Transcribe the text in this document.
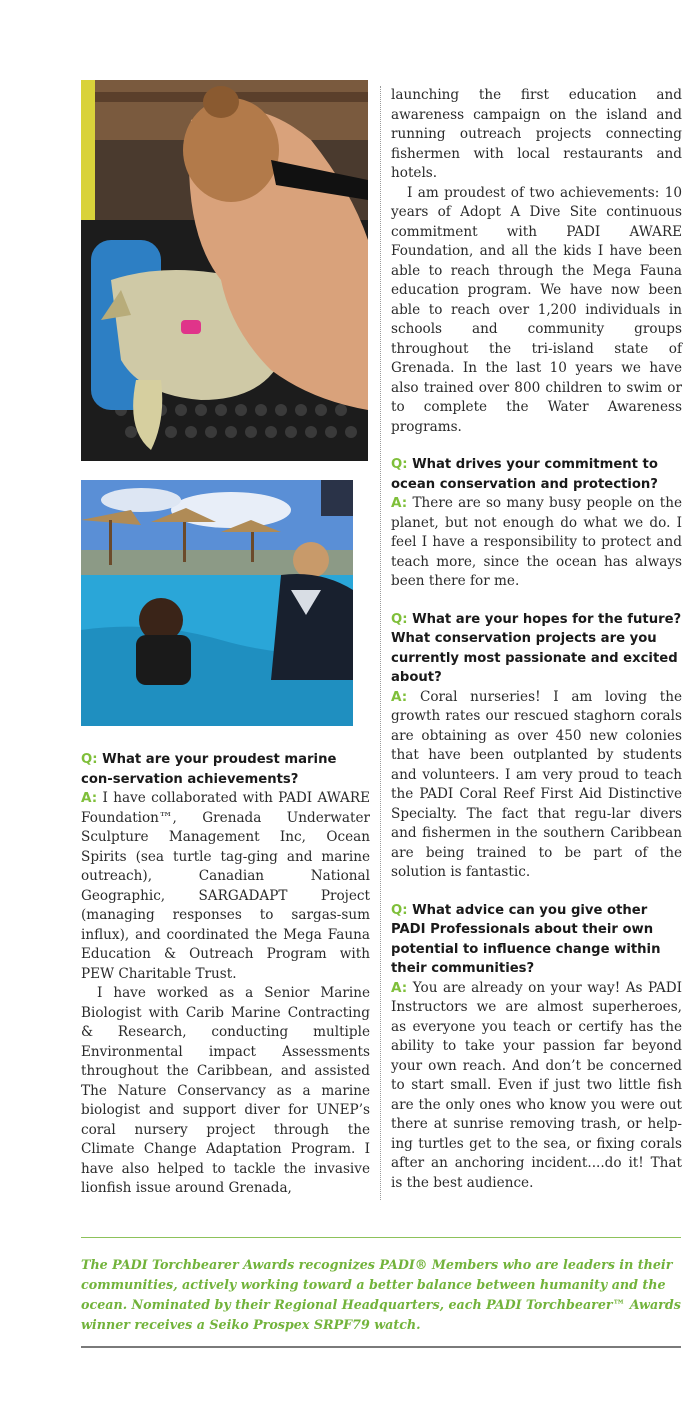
Q: What are your proudest marine con-servation achievements?

A: I have collaborated with PADI AWARE Foundation™, Grenada Underwater Sculpture Management Inc, Ocean Spirits (sea turtle tag-ging and marine outreach), Canadian National Geographic, SARGADAPT Project (managing responses to sargas-sum influx), and coordinated the Mega Fauna Education & Outreach Program with PEW Charitable Trust.

I have worked as a Senior Marine Biologist with Carib Marine Contracting & Research, conducting multiple Environmental impact Assessments throughout the Caribbean, and assisted The Nature Conservancy as a marine biologist and support diver for UNEP’s coral nursery project through the Climate Change Adaptation Program. I have also helped to tackle the invasive lionfish issue around Grenada,

launching the first education and awareness campaign on the island and running outreach projects connecting fishermen with local restaurants and hotels.

I am proudest of two achievements: 10 years of Adopt A Dive Site continuous commitment with PADI AWARE Foundation, and all the kids I have been able to reach through the Mega Fauna education program. We have now been able to reach over 1,200 individuals in schools and community groups throughout the tri-island state of Grenada. In the last 10 years we have also trained over 800 children to swim or to complete the Water Awareness programs.

Q: What drives your commitment to ocean conservation and protection?

A: There are so many busy people on the planet, but not enough do what we do. I feel I have a responsibility to protect and teach more, since the ocean has always been there for me.

Q: What are your hopes for the future? What conservation projects are you currently most passionate and excited about?

A: Coral nurseries! I am loving the growth rates our rescued staghorn corals are obtaining as over 450 new colonies that have been outplanted by students and volunteers. I am very proud to teach the PADI Coral Reef First Aid Distinctive Specialty. The fact that regu-lar divers and fishermen in the southern Caribbean are being trained to be part of the solution is fantastic.

Q: What advice can you give other PADI Professionals about their own potential to influence change within their communities?

A: You are already on your way! As PADI Instructors we are almost superheroes, as everyone you teach or certify has the ability to take your passion far beyond your own reach. And don’t be concerned to start small. Even if just two little fish are the only ones who know you were out there at sunrise removing trash, or help-ing turtles get to the sea, or fixing corals after an anchoring incident....do it! That is the best audience.

The PADI Torchbearer Awards recognizes PADI® Members who are leaders in their communities, actively working toward a better balance between humanity and the ocean. Nominated by their Regional Headquarters, each PADI Torchbearer™ Awards winner receives a Seiko Prospex SRPF79 watch.
